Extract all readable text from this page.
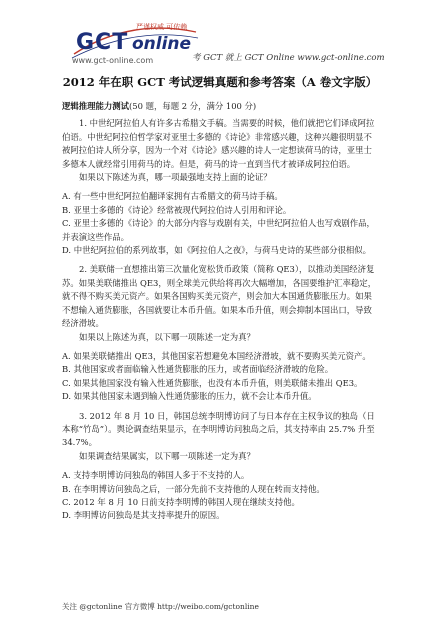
严谨权威 可依赖
GCT online
www.gct-online.com	考 GCT 就上 GCT Online www.gct-online.com
2012 年在职 GCT 考试逻辑真题和参考答案（A 卷文字版）
逻辑推理能力测试(50 题，每题 2 分，满分 100 分)

1. 中世纪阿拉伯人有许多古希腊文手稿。当需要的时候，他们就把它们译成阿拉伯语。中世纪阿拉伯哲学家对亚里士多德的《诗论》非常感兴趣，这种兴趣很明显不被阿拉伯诗人所分享，因为一个对《诗论》感兴趣的诗人一定想读荷马的诗，亚里士多德本人就经常引用荷马的诗。但是，荷马的诗一直到当代才被译成阿拉伯语。

如果以下陈述为真，哪一项最强地支持上面的论证？

A. 有一些中世纪阿拉伯翻译家拥有古希腊文的荷马诗手稿。

B. 亚里士多德的《诗论》经常被现代阿拉伯诗人引用和评论。

C. 亚里士多德的《诗论》的大部分内容与戏剧有关，中世纪阿拉伯人也写戏剧作品，并表演这些作品。

D. 中世纪阿拉伯的系列故事，如《阿拉伯人之夜》，与荷马史诗的某些部分很相似。

2. 美联储一直想推出第三次量化宽松货币政策（简称 QE3），以推动美国经济复苏。如果美联储推出 QE3，则全球美元供给将再次大幅增加，各国要维护汇率稳定，就不得不购买美元资产。如果各国购买美元资产，则会加大本国通货膨胀压力。如果不想输入通货膨胀，各国就要让本币升值。如果本币升值，则会抑制本国出口，导致经济滑坡。

如果以上陈述为真，以下哪一项陈述一定为真？

A. 如果美联储推出 QE3，其他国家若想避免本国经济滑坡，就不要购买美元资产。

B. 其他国家或者面临输入性通货膨胀的压力，或者面临经济滑坡的危险。

C. 如果其他国家没有输入性通货膨胀，也没有本币升值，则美联储未推出 QE3。

D. 如果其他国家未遇到输入性通货膨胀的压力，就不会让本币升值。

3. 2012 年 8 月 10 日，韩国总统李明博访问了与日本存在主权争议的独岛（日本称“竹岛”）。舆论调查结果显示，在李明博访问独岛之后，其支持率由 25.7% 升至 34.7%。

如果调查结果属实，以下哪一项陈述一定为真？

A. 支持李明博访问独岛的韩国人多于不支持的人。

B. 在李明博访问独岛之后，一部分先前不支持他的人现在转而支持他。

C. 2012 年 8 月 10 日前支持李明博的韩国人现在继续支持他。

D. 李明博访问独岛是其支持率提升的原因。

关注 @gctonline 官方微博 http://weibo.com/gctonline
